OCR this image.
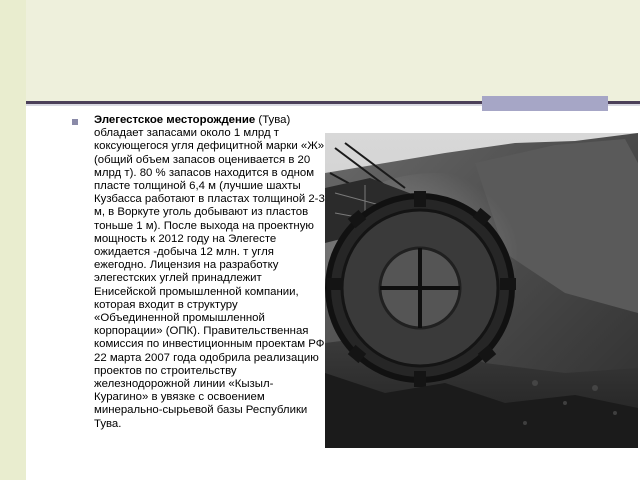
Элегестское месторождение (Тува) обладает запасами около 1 млрд т коксующегося угля дефицитной марки «Ж» (общий объем запасов оценивается в 20 млрд т). 80 % запасов находится в одном пласте толщиной 6,4 м (лучшие шахты Кузбасса работают в пластах толщиной 2-3 м, в Воркуте уголь добывают из пластов тоньше 1 м). После выхода на проектную мощность к 2012 году на Элегесте ожидается -добыча 12 млн. т угля ежегодно. Лицензия на разработку элегестских углей принадлежит Енисейской промышленной компании, которая входит в структуру «Объединенной промышленной корпорации» (ОПК). Правительственная комиссия по инвестиционным проектам РФ 22 марта 2007 года одобрила реализацию проектов по строительству железнодорожной линии «Кызыл-Курагино» в увязке с освоением минерально-сырьевой базы Республики Тува.
